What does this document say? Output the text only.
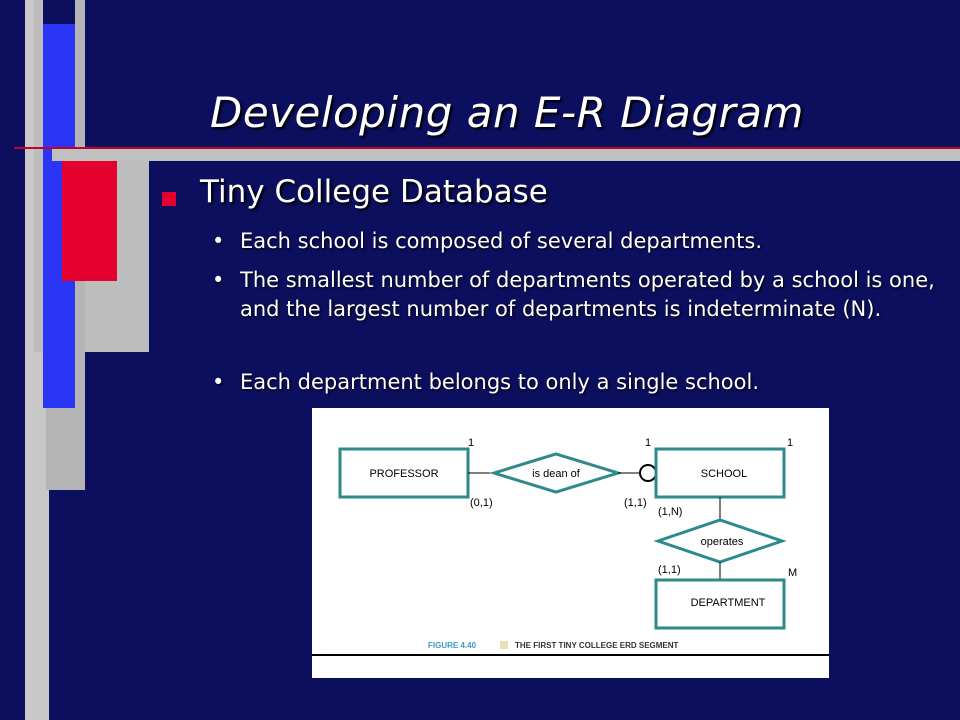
Developing an E-R Diagram
Tiny College Database
• Each school is composed of several departments.
• The smallest number of departments operated by a school is one, and the largest number of departments is indeterminate (N).
• Each department belongs to only a single school.
PROFESSOR	is dean of	SCHOOL
operates
DEPARTMENT
1	1	1
M
(0,1)	(1,1)
(1,N)
(1,1)
FIGURE 4.40	THE FIRST TINY COLLEGE ERD SEGMENT
